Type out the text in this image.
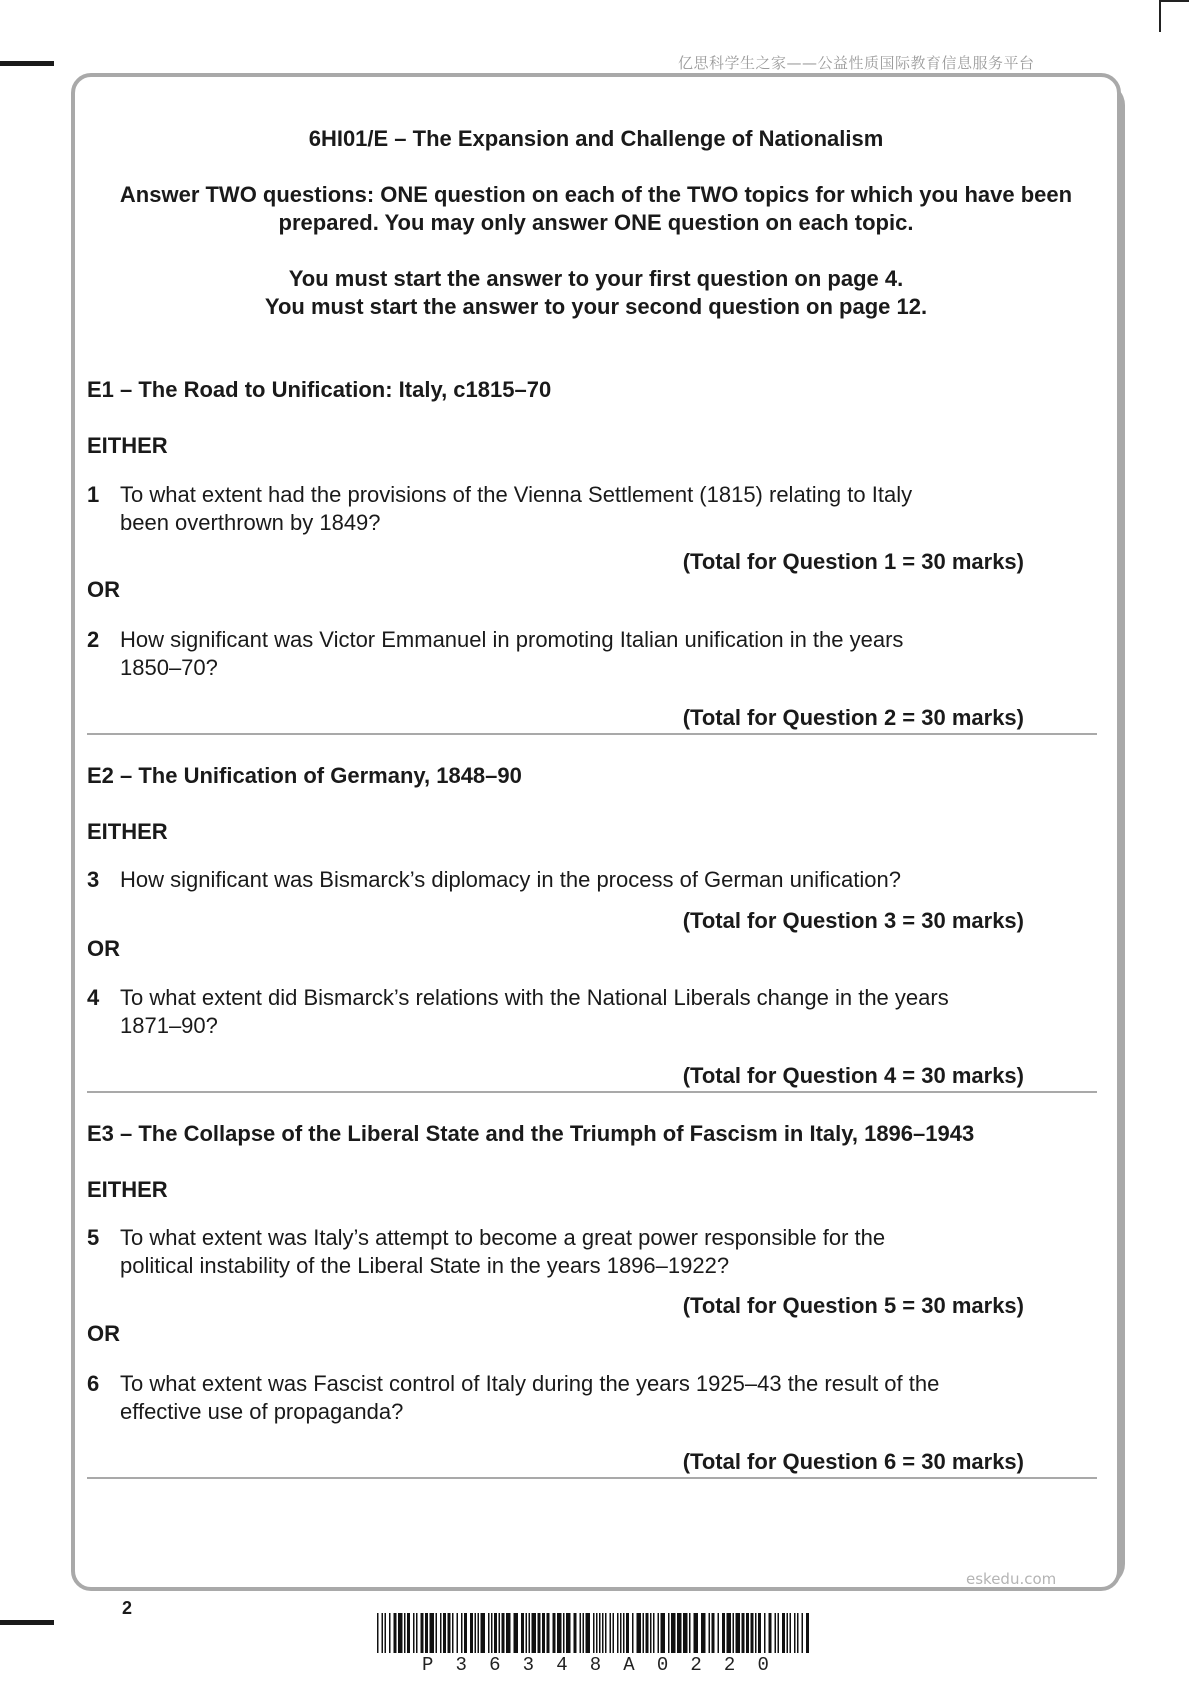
亿思科学生之家——公益性质国际教育信息服务平台
6HI01/E – The Expansion and Challenge of Nationalism
Answer TWO questions: ONE question on each of the TWO topics for which you have been
prepared. You may only answer ONE question on each topic.
You must start the answer to your first question on page 4.
You must start the answer to your second question on page 12.
E1 – The Road to Unification: Italy, c1815–70
EITHER
1 To what extent had the provisions of the Vienna Settlement (1815) relating to Italy
been overthrown by 1849?
(Total for Question 1 = 30 marks)
OR
2 How significant was Victor Emmanuel in promoting Italian unification in the years
1850–70?
(Total for Question 2 = 30 marks)
E2 – The Unification of Germany, 1848–90
EITHER
3 How significant was Bismarck’s diplomacy in the process of German unification?
(Total for Question 3 = 30 marks)
OR
4 To what extent did Bismarck’s relations with the National Liberals change in the years
1871–90?
(Total for Question 4 = 30 marks)
E3 – The Collapse of the Liberal State and the Triumph of Fascism in Italy, 1896–1943
EITHER
5 To what extent was Italy’s attempt to become a great power responsible for the
political instability of the Liberal State in the years 1896–1922?
(Total for Question 5 = 30 marks)
OR
6 To what extent was Fascist control of Italy during the years 1925–43 the result of the
effective use of propaganda?
(Total for Question 6 = 30 marks)
eskedu.com
2
P 3 6 3 4 8 A 0 2 2 0
